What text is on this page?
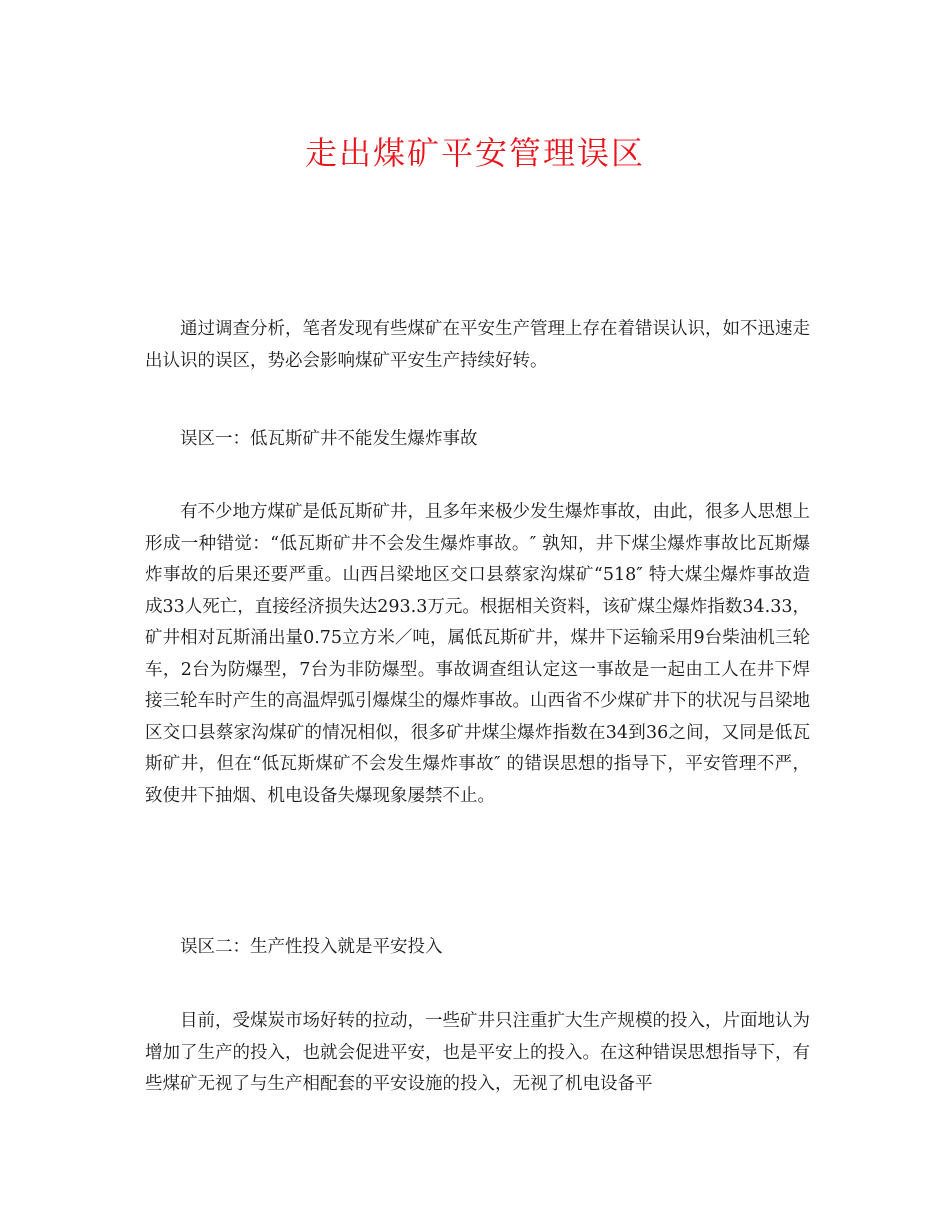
走出煤矿平安管理误区

通过调查分析，笔者发现有些煤矿在平安生产管理上存在着错误认识，如不迅速走出认识的误区，势必会影响煤矿平安生产持续好转。

误区一：低瓦斯矿井不能发生爆炸事故

有不少地方煤矿是低瓦斯矿井，且多年来极少发生爆炸事故，由此，很多人思想上形成一种错觉：“低瓦斯矿井不会发生爆炸事故。″ 孰知，井下煤尘爆炸事故比瓦斯爆炸事故的后果还要严重。山西吕梁地区交口县蔡家沟煤矿“518″ 特大煤尘爆炸事故造成33人死亡，直接经济损失达293.3万元。根据相关资料，该矿煤尘爆炸指数34.33，矿井相对瓦斯涌出量0.75立方米／吨，属低瓦斯矿井，煤井下运输采用9台柴油机三轮车，2台为防爆型，7台为非防爆型。事故调查组认定这一事故是一起由工人在井下焊接三轮车时产生的高温焊弧引爆煤尘的爆炸事故。山西省不少煤矿井下的状况与吕梁地区交口县蔡家沟煤矿的情况相似，很多矿井煤尘爆炸指数在34到36之间，又同是低瓦斯矿井，但在“低瓦斯煤矿不会发生爆炸事故″ 的错误思想的指导下，平安管理不严，致使井下抽烟、机电设备失爆现象屡禁不止。

误区二：生产性投入就是平安投入

目前，受煤炭市场好转的拉动，一些矿井只注重扩大生产规模的投入，片面地认为增加了生产的投入，也就会促进平安，也是平安上的投入。在这种错误思想指导下，有些煤矿无视了与生产相配套的平安设施的投入，无视了机电设备平
